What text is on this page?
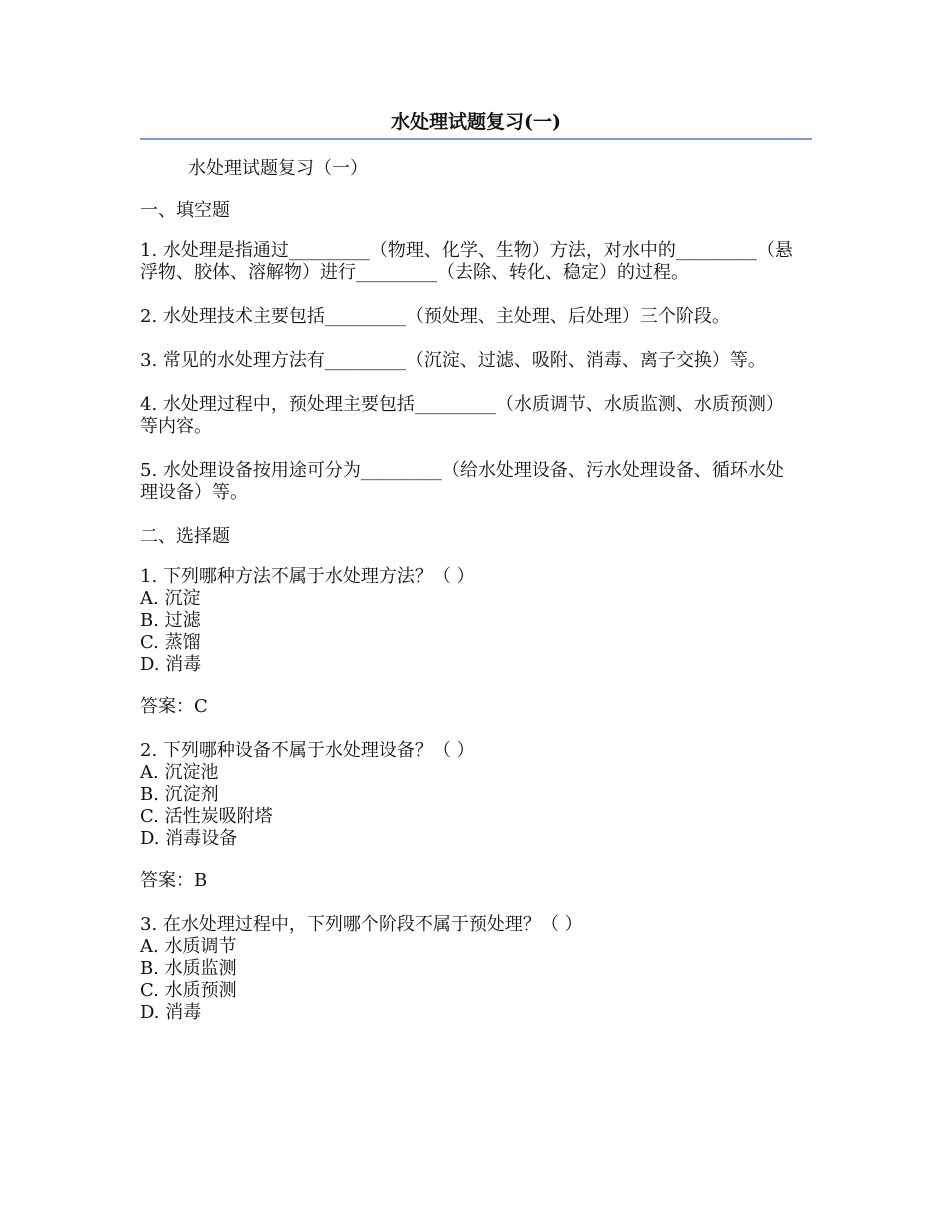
水处理试题复习(一)
水处理试题复习（一）
一、填空题
1. 水处理是指通过_________（物理、化学、生物）方法，对水中的_________（悬浮物、胶体、溶解物）进行_________（去除、转化、稳定）的过程。
2. 水处理技术主要包括_________（预处理、主处理、后处理）三个阶段。
3. 常见的水处理方法有_________（沉淀、过滤、吸附、消毒、离子交换）等。
4. 水处理过程中，预处理主要包括_________（水质调节、水质监测、水质预测）等内容。
5. 水处理设备按用途可分为_________（给水处理设备、污水处理设备、循环水处理设备）等。
二、选择题
1. 下列哪种方法不属于水处理方法？（ ）
A. 沉淀
B. 过滤
C. 蒸馏
D. 消毒
答案：C
2. 下列哪种设备不属于水处理设备？（ ）
A. 沉淀池
B. 沉淀剂
C. 活性炭吸附塔
D. 消毒设备
答案：B
3. 在水处理过程中，下列哪个阶段不属于预处理？（ ）
A. 水质调节
B. 水质监测
C. 水质预测
D. 消毒
